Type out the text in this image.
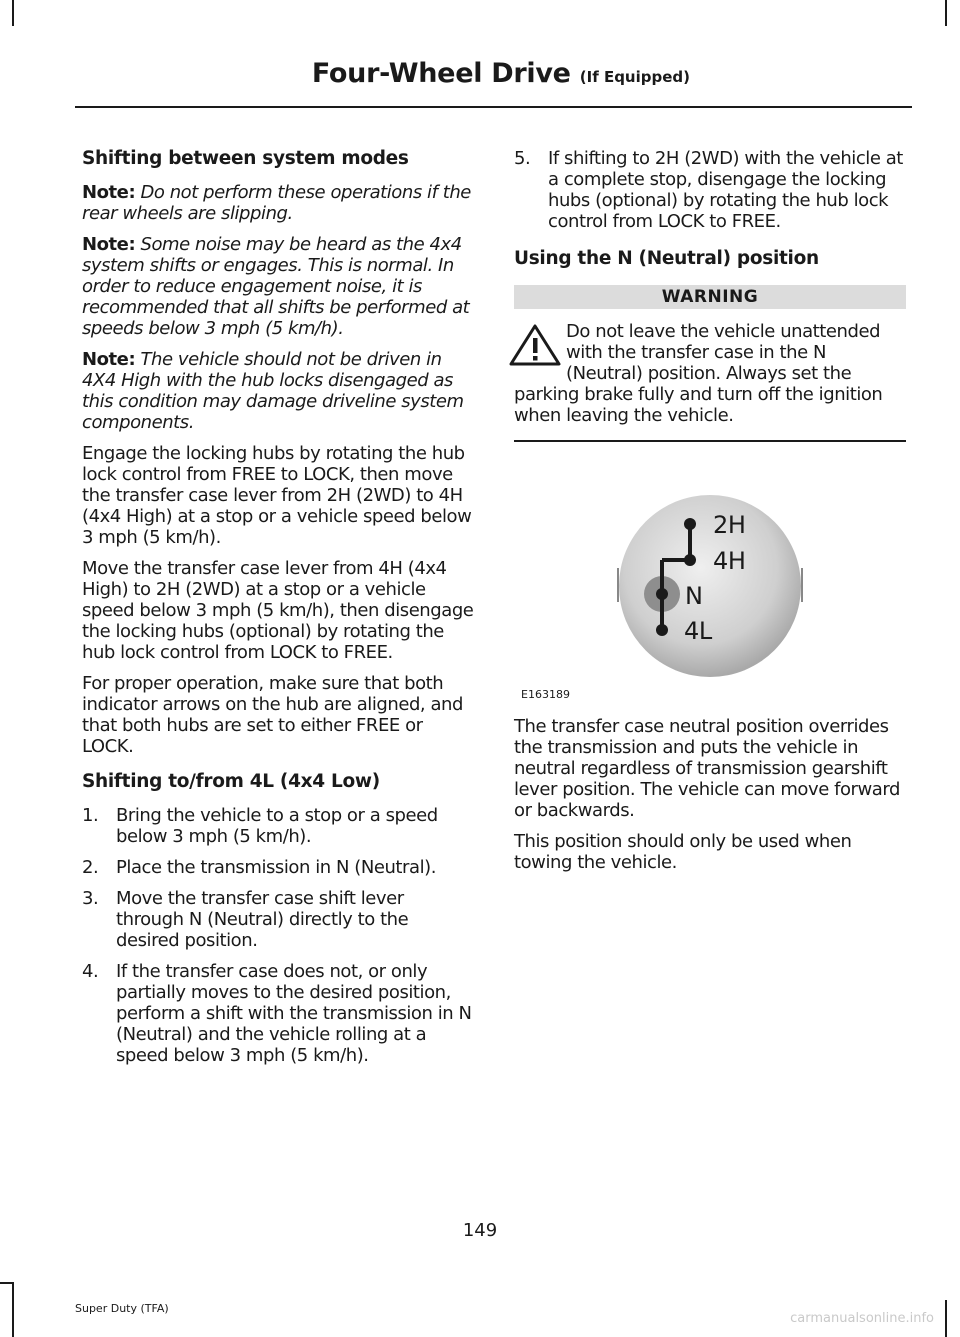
Four-Wheel Drive (If Equipped)
Shifting between system modes

Note: Do not perform these operations if the rear wheels are slipping.

Note: Some noise may be heard as the 4x4 system shifts or engages. This is normal. In order to reduce engagement noise, it is recommended that all shifts be performed at speeds below 3 mph (5 km/h).

Note: The vehicle should not be driven in 4X4 High with the hub locks disengaged as this condition may damage driveline system components.

Engage the locking hubs by rotating the hub lock control from FREE to LOCK, then move the transfer case lever from 2H (2WD) to 4H (4x4 High) at a stop or a vehicle speed below 3 mph (5 km/h).

Move the transfer case lever from 4H (4x4 High) to 2H (2WD) at a stop or a vehicle speed below 3 mph (5 km/h), then disengage the locking hubs (optional) by rotating the hub lock control from LOCK to FREE.

For proper operation, make sure that both indicator arrows on the hub are aligned, and that both hubs are set to either FREE or LOCK.

Shifting to/from 4L (4x4 Low)
1. Bring the vehicle to a stop or a speed below 3 mph (5 km/h).
2. Place the transmission in N (Neutral).
3. Move the transfer case shift lever through N (Neutral) directly to the desired position.
4. If the transfer case does not, or only partially moves to the desired position, perform a shift with the transmission in N (Neutral) and the vehicle rolling at a speed below 3 mph (5 km/h).
5. If shifting to 2H (2WD) with the vehicle at a complete stop, disengage the locking hubs (optional) by rotating the hub lock control from LOCK to FREE.
Using the N (Neutral) position
WARNING
Do not leave the vehicle unattended with the transfer case in the N (Neutral) position. Always set the parking brake fully and turn off the ignition when leaving the vehicle.
2H
4H
N
4L
E163189

The transfer case neutral position overrides the transmission and puts the vehicle in neutral regardless of transmission gearshift lever position. The vehicle can move forward or backwards.

This position should only be used when towing the vehicle.

149
Super Duty (TFA)
carmanualsonline.info
